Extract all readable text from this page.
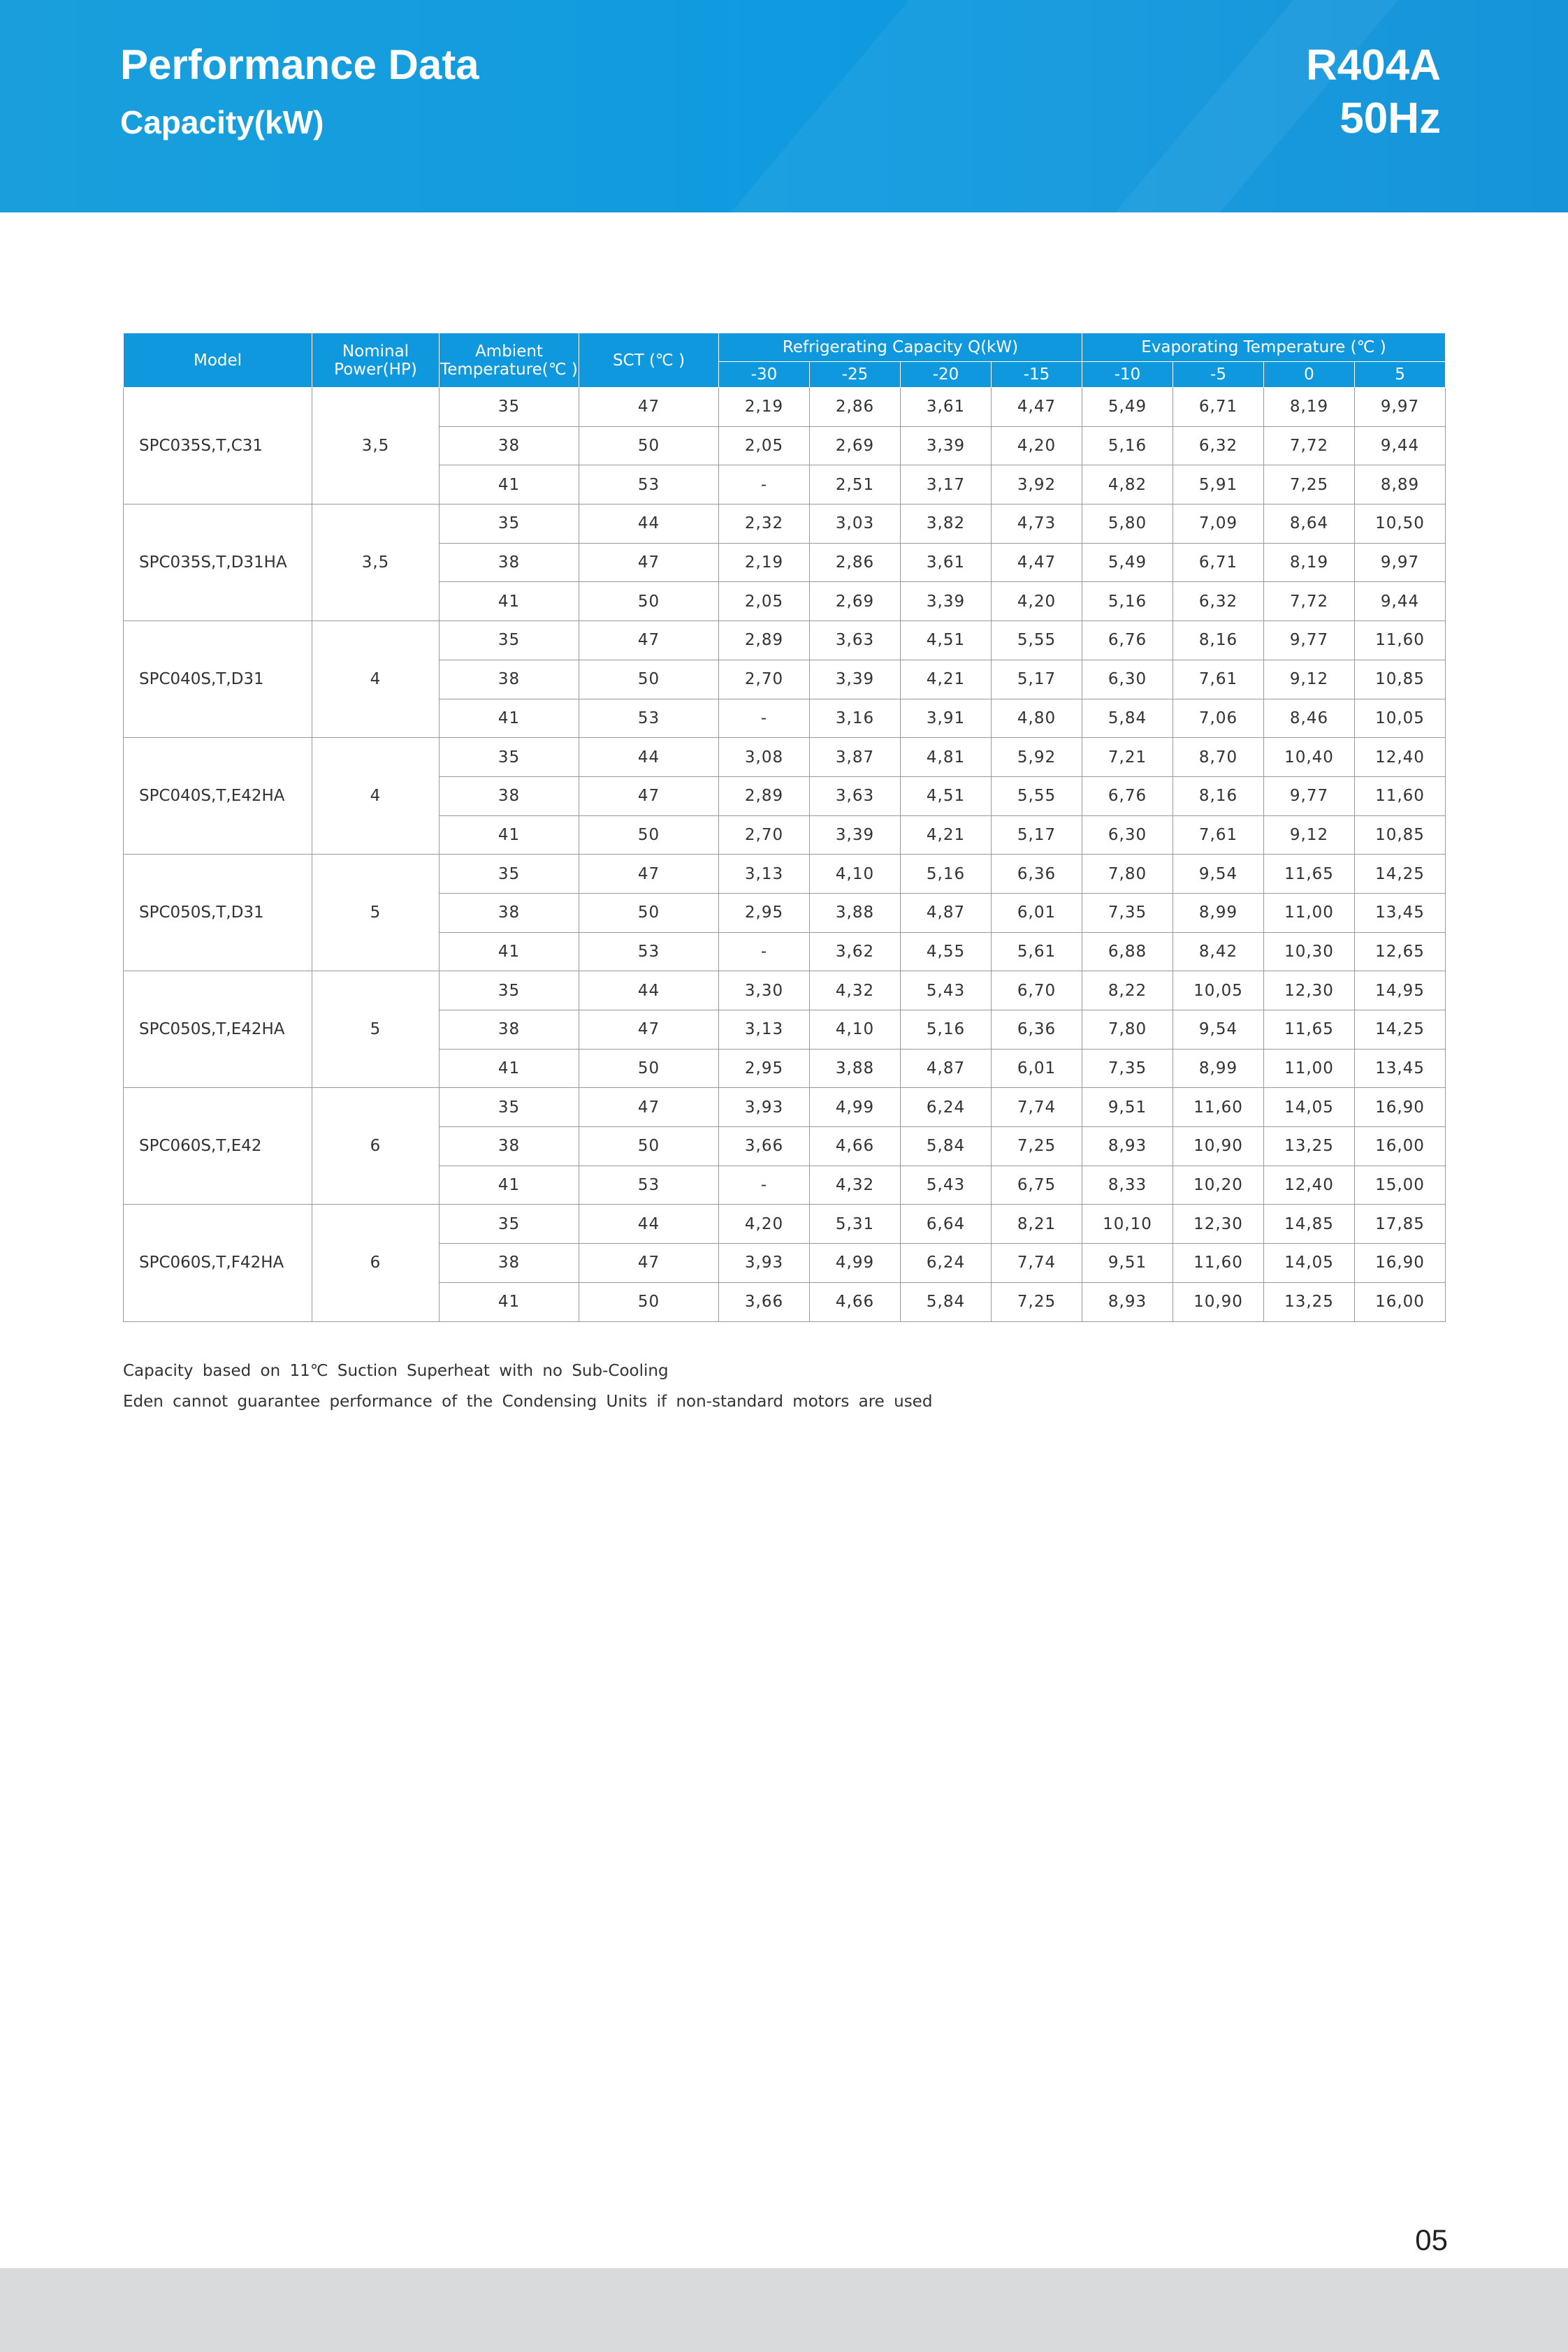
Performance Data
Capacity(kW)
R404A
50Hz
Model	Nominal Power(HP)	Ambient Temperature(℃ )	SCT (℃ )	Refrigerating Capacity Q(kW)				Evaporating Temperature (℃ )			
				-30	-25	-20	-15	-10	-5	0	5
SPC035S,T,C31	3,5	35	47	2,19	2,86	3,61	4,47	5,49	6,71	8,19	9,97
		38	50	2,05	2,69	3,39	4,20	5,16	6,32	7,72	9,44
		41	53	-	2,51	3,17	3,92	4,82	5,91	7,25	8,89
SPC035S,T,D31HA	3,5	35	44	2,32	3,03	3,82	4,73	5,80	7,09	8,64	10,50
		38	47	2,19	2,86	3,61	4,47	5,49	6,71	8,19	9,97
		41	50	2,05	2,69	3,39	4,20	5,16	6,32	7,72	9,44
SPC040S,T,D31	4	35	47	2,89	3,63	4,51	5,55	6,76	8,16	9,77	11,60
		38	50	2,70	3,39	4,21	5,17	6,30	7,61	9,12	10,85
		41	53	-	3,16	3,91	4,80	5,84	7,06	8,46	10,05
SPC040S,T,E42HA	4	35	44	3,08	3,87	4,81	5,92	7,21	8,70	10,40	12,40
		38	47	2,89	3,63	4,51	5,55	6,76	8,16	9,77	11,60
		41	50	2,70	3,39	4,21	5,17	6,30	7,61	9,12	10,85
SPC050S,T,D31	5	35	47	3,13	4,10	5,16	6,36	7,80	9,54	11,65	14,25
		38	50	2,95	3,88	4,87	6,01	7,35	8,99	11,00	13,45
		41	53	-	3,62	4,55	5,61	6,88	8,42	10,30	12,65
SPC050S,T,E42HA	5	35	44	3,30	4,32	5,43	6,70	8,22	10,05	12,30	14,95
		38	47	3,13	4,10	5,16	6,36	7,80	9,54	11,65	14,25
		41	50	2,95	3,88	4,87	6,01	7,35	8,99	11,00	13,45
SPC060S,T,E42	6	35	47	3,93	4,99	6,24	7,74	9,51	11,60	14,05	16,90
		38	50	3,66	4,66	5,84	7,25	8,93	10,90	13,25	16,00
		41	53	-	4,32	5,43	6,75	8,33	10,20	12,40	15,00
SPC060S,T,F42HA	6	35	44	4,20	5,31	6,64	8,21	10,10	12,30	14,85	17,85
		38	47	3,93	4,99	6,24	7,74	9,51	11,60	14,05	16,90
		41	50	3,66	4,66	5,84	7,25	8,93	10,90	13,25	16,00
Capacity based on 11℃ Suction Superheat with no Sub-Cooling
Eden cannot guarantee performance of the Condensing Units if non-standard motors are used
05
